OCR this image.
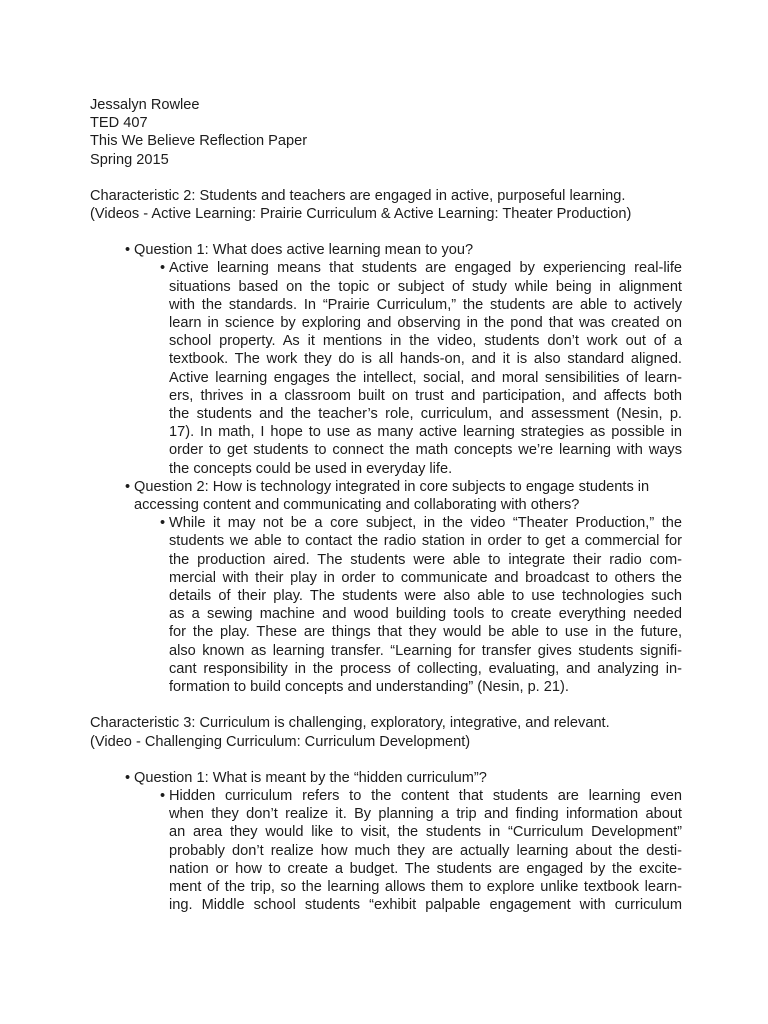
Jessalyn Rowlee
TED 407
This We Believe Reflection Paper
Spring 2015
Characteristic 2: Students and teachers are engaged in active, purposeful learning.
(Videos - Active Learning: Prairie Curriculum & Active Learning: Theater Production)
• Question 1: What does active learning mean to you?
• Active learning means that students are engaged by experiencing real-life
situations based on the topic or subject of study while being in alignment
with the standards. In “Prairie Curriculum,” the students are able to actively
learn in science by exploring and observing in the pond that was created on
school property. As it mentions in the video, students don’t work out of a
textbook. The work they do is all hands-on, and it is also standard aligned.
Active learning engages the intellect, social, and moral sensibilities of learn-
ers, thrives in a classroom built on trust and participation, and affects both
the students and the teacher’s role, curriculum, and assessment (Nesin, p.
17). In math, I hope to use as many active learning strategies as possible in
order to get students to connect the math concepts we’re learning with ways
the concepts could be used in everyday life.
• Question 2: How is technology integrated in core subjects to engage students in
accessing content and communicating and collaborating with others?
• While it may not be a core subject, in the video “Theater Production,” the
students we able to contact the radio station in order to get a commercial for
the production aired. The students were able to integrate their radio com-
mercial with their play in order to communicate and broadcast to others the
details of their play. The students were also able to use technologies such
as a sewing machine and wood building tools to create everything needed
for the play. These are things that they would be able to use in the future,
also known as learning transfer. “Learning for transfer gives students signifi-
cant responsibility in the process of collecting, evaluating, and analyzing in-
formation to build concepts and understanding” (Nesin, p. 21).
Characteristic 3: Curriculum is challenging, exploratory, integrative, and relevant.
(Video - Challenging Curriculum: Curriculum Development)
• Question 1: What is meant by the “hidden curriculum”?
• Hidden curriculum refers to the content that students are learning even
when they don’t realize it. By planning a trip and finding information about
an area they would like to visit, the students in “Curriculum Development”
probably don’t realize how much they are actually learning about the desti-
nation or how to create a budget. The students are engaged by the excite-
ment of the trip, so the learning allows them to explore unlike textbook learn-
ing. Middle school students “exhibit palpable engagement with curriculum
